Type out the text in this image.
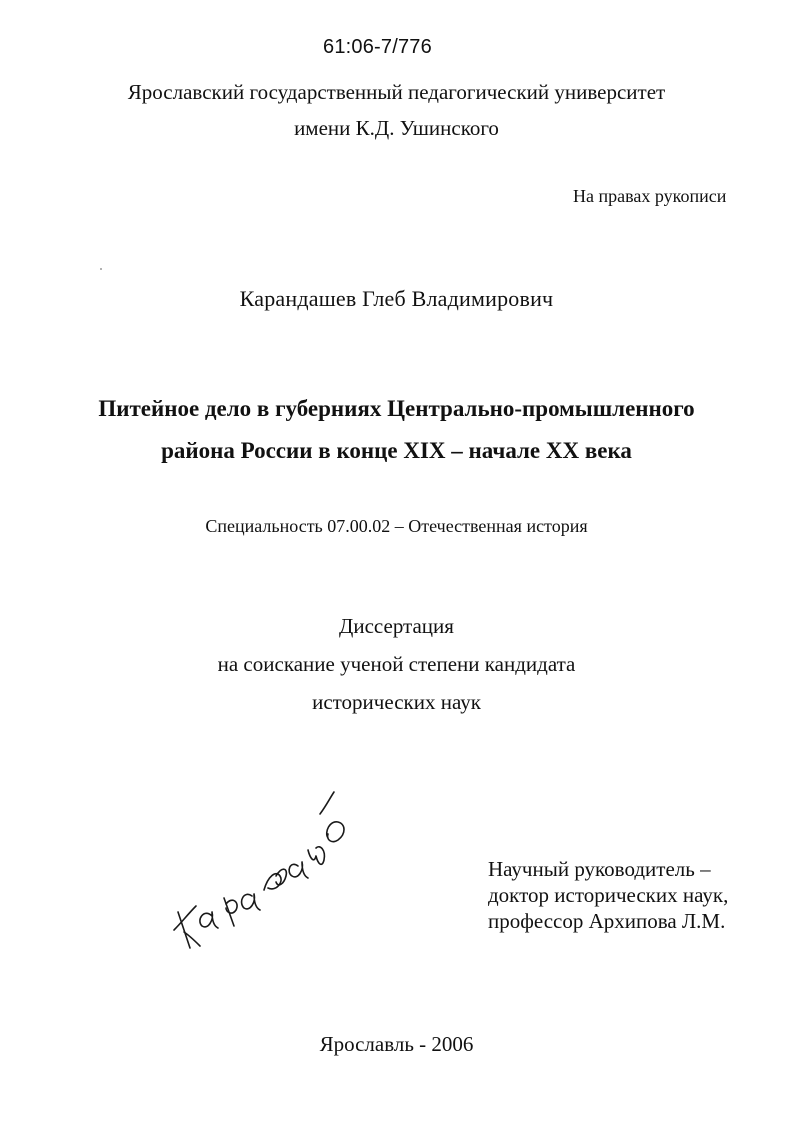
61:06-7/776
Ярославский государственный педагогический университет
имени К.Д. Ушинского
На правах рукописи
Карандашев Глеб Владимирович
Питейное дело в губерниях Центрально-промышленного
района России в конце XIX – начале XX века
Специальность 07.00.02 – Отечественная история
Диссертация
на соискание ученой степени кандидата
исторических наук
Научный руководитель –
доктор исторических наук,
профессор Архипова Л.М.
Ярославль - 2006
